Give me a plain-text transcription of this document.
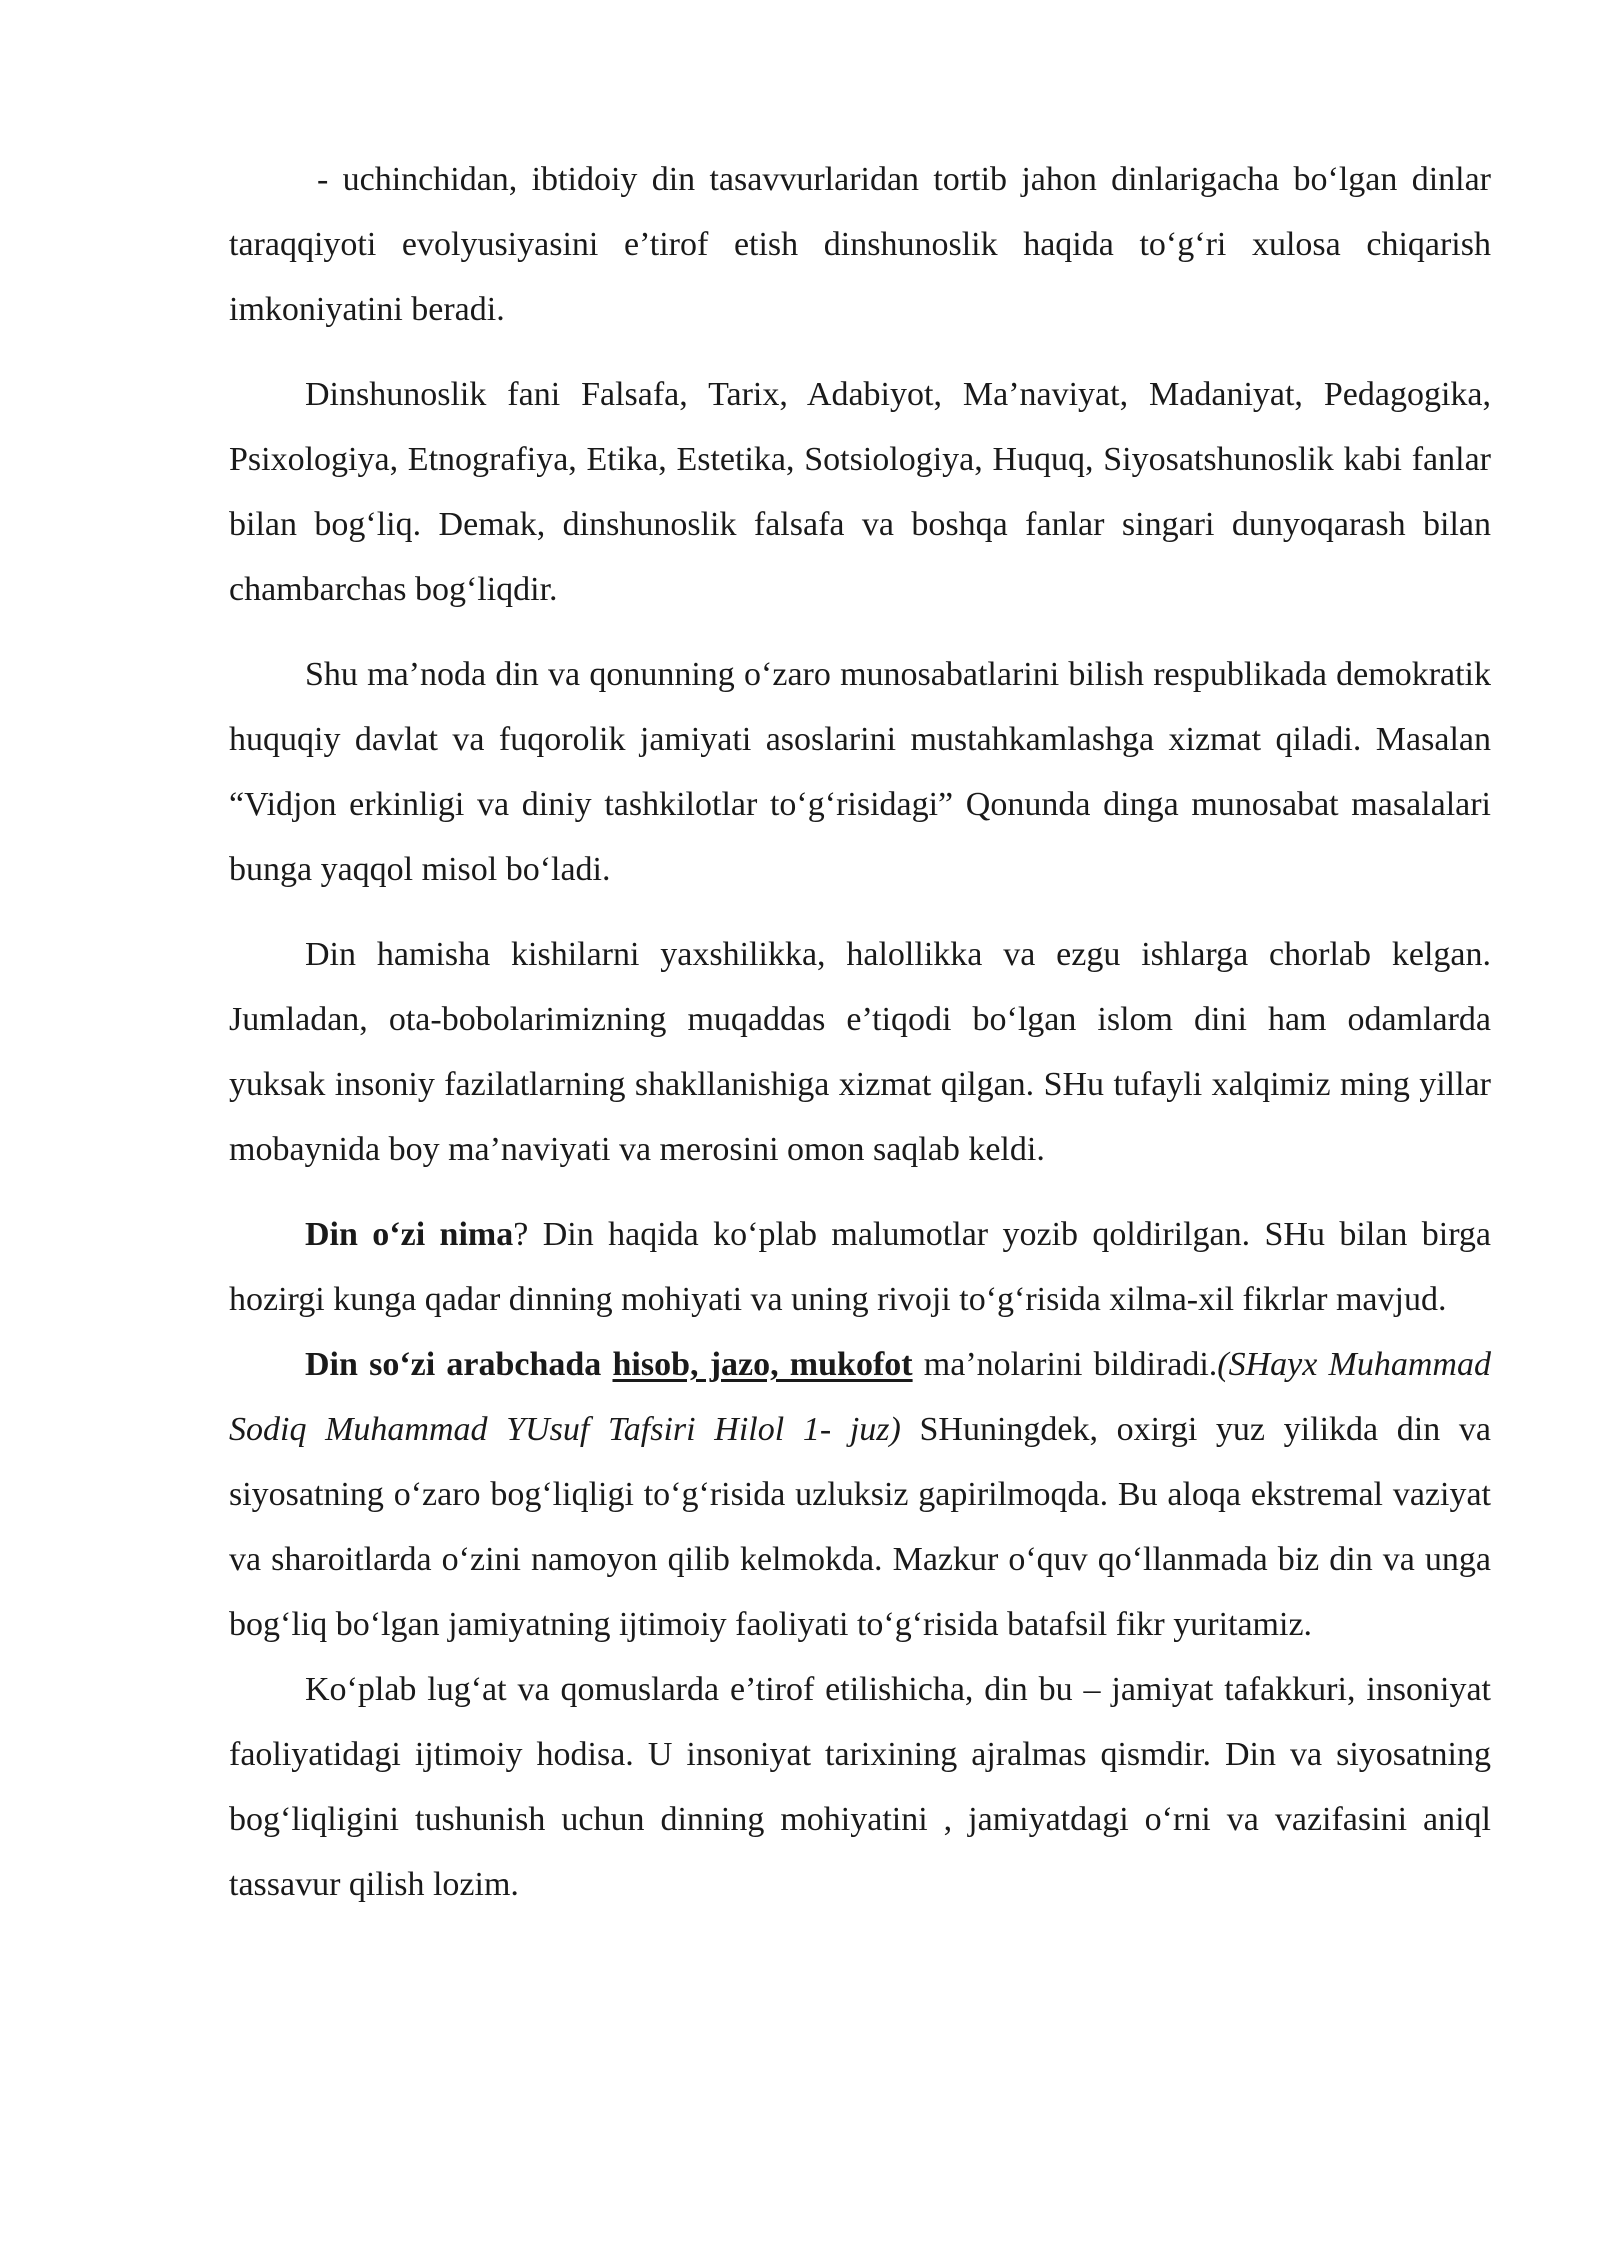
- uchinchidan, ibtidoiy din tasavvurlaridan tortib jahon dinlarigacha bo‘lgan dinlar taraqqiyoti evolyusiyasini e’tirof etish dinshunoslik haqida to‘g‘ri xulosa chiqarish imkoniyatini beradi.

Dinshunoslik fani Falsafa, Tarix, Adabiyot, Ma’naviyat, Madaniyat, Pedagogika, Psixologiya, Etnografiya, Etika, Estetika, Sotsiologiya, Huquq, Siyosatshunoslik kabi fanlar bilan bog‘liq. Demak, dinshunoslik falsafa va boshqa fanlar singari dunyoqarash bilan chambarchas bog‘liqdir.

Shu ma’noda din va qonunning o‘zaro munosabatlarini bilish respublikada demokratik huquqiy davlat va fuqorolik jamiyati asoslarini mustahkamlashga xizmat qiladi. Masalan “Vidjon erkinligi va diniy tashkilotlar to‘g‘risidagi” Qonunda dinga munosabat masalalari bunga yaqqol misol bo‘ladi.

Din hamisha kishilarni yaxshilikka, halollikka va ezgu ishlarga chorlab kelgan. Jumladan, ota-bobolarimizning muqaddas e’tiqodi bo‘lgan islom dini ham odamlarda yuksak insoniy fazilatlarning shakllanishiga xizmat qilgan. SHu tufayli xalqimiz ming yillar mobaynida boy ma’naviyati va merosini omon saqlab keldi.

Din o‘zi nima? Din haqida ko‘plab malumotlar yozib qoldirilgan. SHu bilan birga hozirgi kunga qadar dinning mohiyati va uning rivoji to‘g‘risida xilma-xil fikrlar mavjud.

Din so‘zi arabchada hisob, jazo, mukofot ma’nolarini bildiradi.(SHayx Muhammad Sodiq Muhammad YUsuf Tafsiri Hilol 1- juz) SHuningdek, oxirgi yuz yilikda din va siyosatning o‘zaro bog‘liqligi to‘g‘risida uzluksiz gapirilmoqda. Bu aloqa ekstremal vaziyat va sharoitlarda o‘zini namoyon qilib kelmokda. Mazkur o‘quv qo‘llanmada biz din va unga bog‘liq bo‘lgan jamiyatning ijtimoiy faoliyati to‘g‘risida batafsil fikr yuritamiz.

Ko‘plab lug‘at va qomuslarda e’tirof etilishicha, din bu – jamiyat tafakkuri, insoniyat faoliyatidagi ijtimoiy hodisa. U insoniyat tarixining ajralmas qismdir. Din va siyosatning bog‘liqligini tushunish uchun dinning mohiyatini , jamiyatdagi o‘rni va vazifasini aniql tassavur qilish lozim.
